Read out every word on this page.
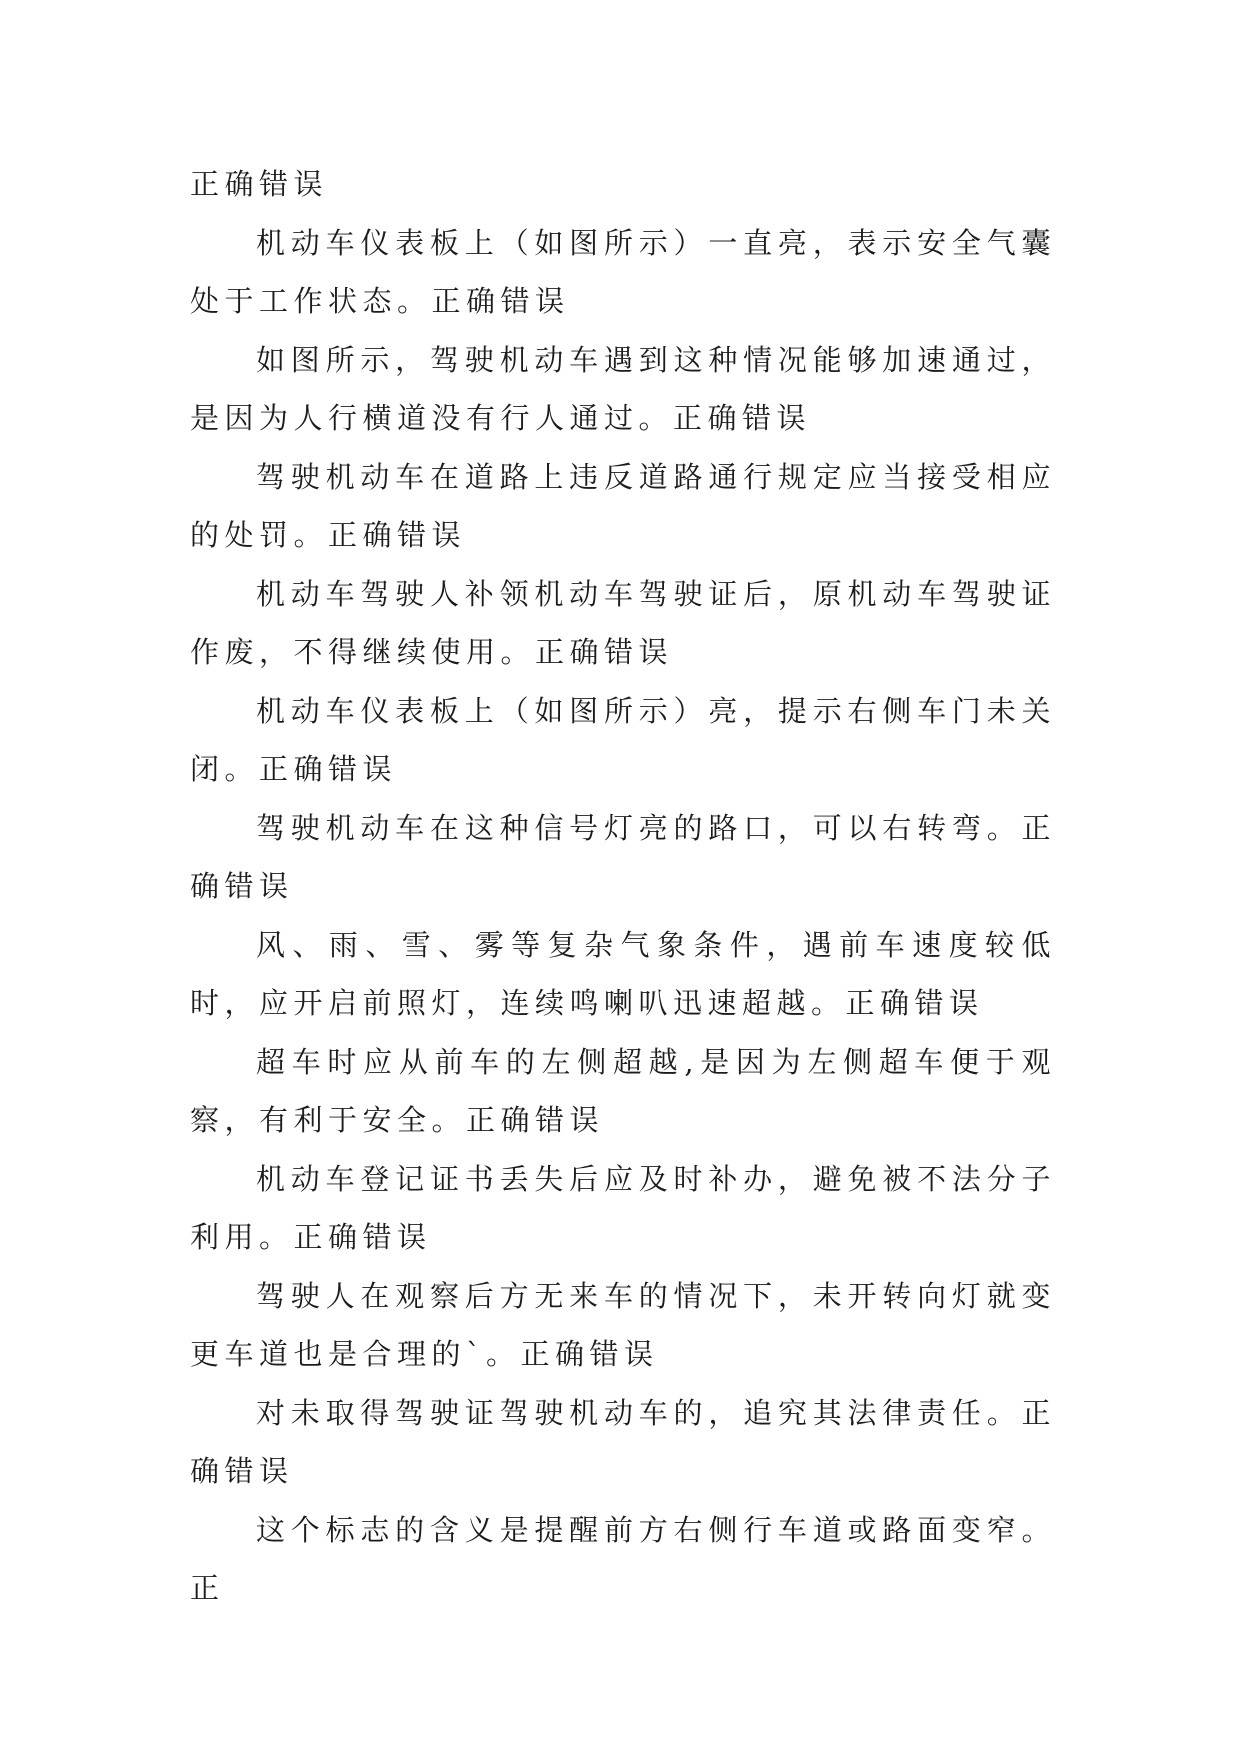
正确错误

机动车仪表板上（如图所示）一直亮，表示安全气囊处于工作状态。正确错误

如图所示，驾驶机动车遇到这种情况能够加速通过，是因为人行横道没有行人通过。正确错误

驾驶机动车在道路上违反道路通行规定应当接受相应的处罚。正确错误

机动车驾驶人补领机动车驾驶证后，原机动车驾驶证作废，不得继续使用。正确错误

机动车仪表板上（如图所示）亮，提示右侧车门未关闭。正确错误

驾驶机动车在这种信号灯亮的路口，可以右转弯。正确错误

风、雨、雪、雾等复杂气象条件，遇前车速度较低时，应开启前照灯，连续鸣喇叭迅速超越。正确错误

超车时应从前车的左侧超越,是因为左侧超车便于观察，有利于安全。正确错误

机动车登记证书丢失后应及时补办，避免被不法分子利用。正确错误

驾驶人在观察后方无来车的情况下，未开转向灯就变更车道也是合理的`。正确错误

对未取得驾驶证驾驶机动车的，追究其法律责任。正确错误

这个标志的含义是提醒前方右侧行车道或路面变窄。正
